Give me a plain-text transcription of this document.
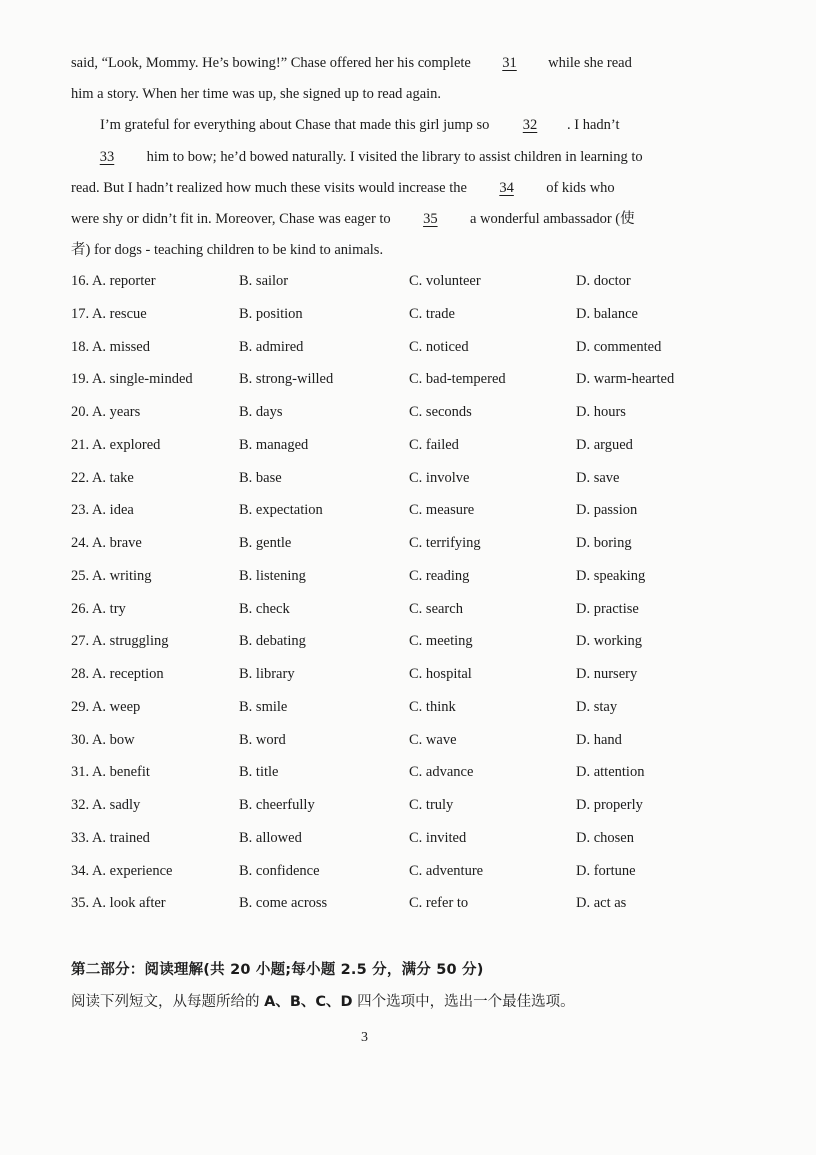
said, “Look, Mommy. He’s bowing!” Chase offered her his complete 31 while she read
him a story. When her time was up, she signed up to read again.
I’m grateful for everything about Chase that made this girl jump so 32 . I hadn’t
33 him to bow; he’d bowed naturally. I visited the library to assist children in learning to
read. But I hadn’t realized how much these visits would increase the 34 of kids who
were shy or didn’t fit in. Moreover, Chase was eager to 35 a wonderful ambassador (使
者) for dogs - teaching children to be kind to animals.
16. A. reporter	B. sailor	C. volunteer	D. doctor
17. A. rescue	B. position	C. trade	D. balance
18. A. missed	B. admired	C. noticed	D. commented
19. A. single-minded	B. strong-willed	C. bad-tempered	D. warm-hearted
20. A. years	B. days	C. seconds	D. hours
21. A. explored	B. managed	C. failed	D. argued
22. A. take	B. base	C. involve	D. save
23. A. idea	B. expectation	C. measure	D. passion
24. A. brave	B. gentle	C. terrifying	D. boring
25. A. writing	B. listening	C. reading	D. speaking
26. A. try	B. check	C. search	D. practise
27. A. struggling	B. debating	C. meeting	D. working
28. A. reception	B. library	C. hospital	D. nursery
29. A. weep	B. smile	C. think	D. stay
30. A. bow	B. word	C. wave	D. hand
31. A. benefit	B. title	C. advance	D. attention
32. A. sadly	B. cheerfully	C. truly	D. properly
33. A. trained	B. allowed	C. invited	D. chosen
34. A. experience	B. confidence	C. adventure	D. fortune
35. A. look after	B. come across	C. refer to	D. act as
第二部分：阅读理解(共 20 小题;每小题 2.5 分，满分 50 分)
阅读下列短文，从每题所给的 A、B、C、D 四个选项中，选出一个最佳选项。
3
